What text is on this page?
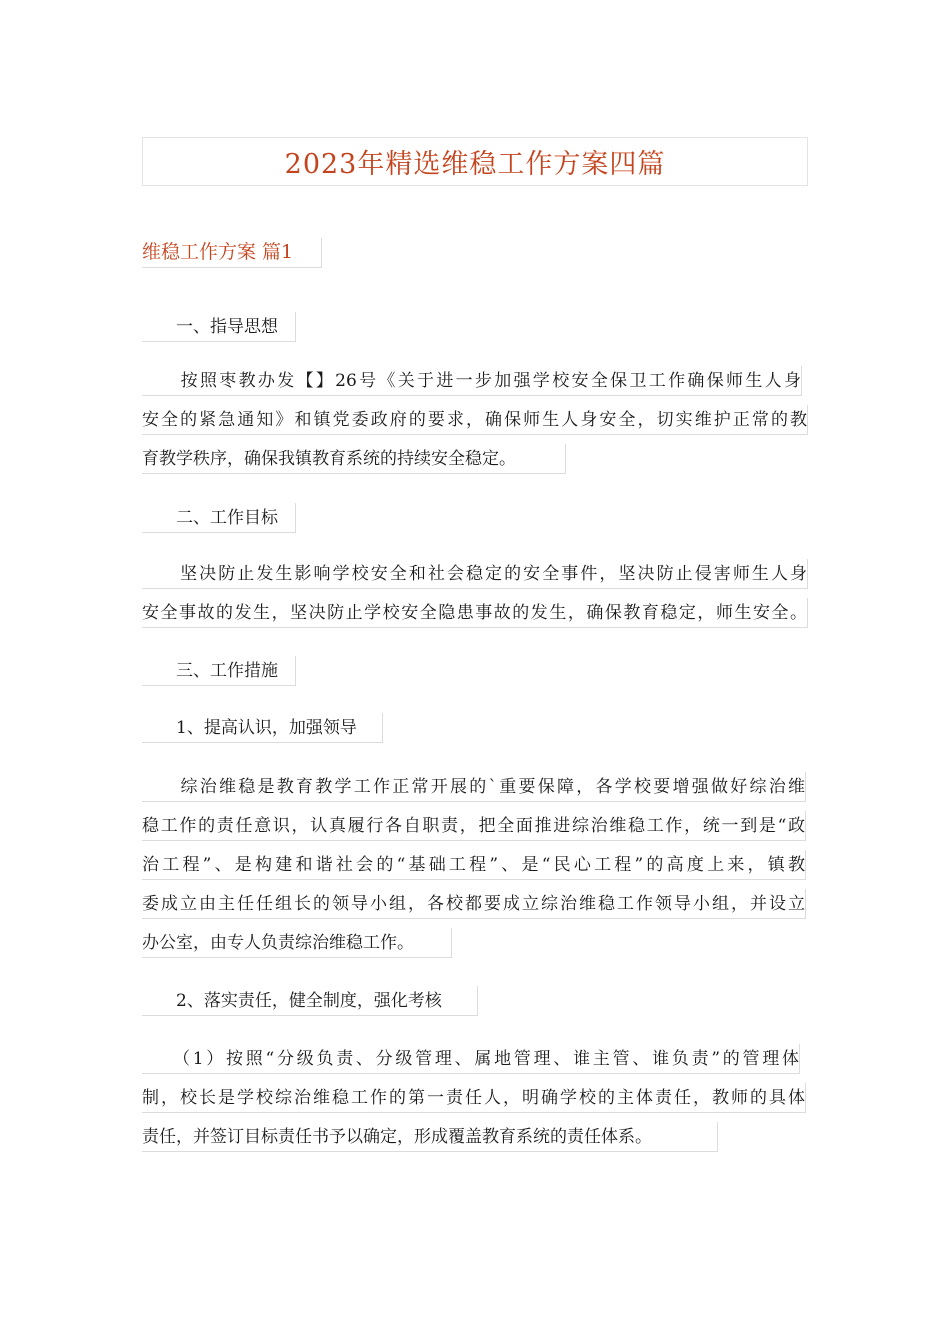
2023年精选维稳工作方案四篇
维稳工作方案 篇1
　　一、指导思想
　　按照枣教办发【】26号《关于进一步加强学校安全保卫工作确保师生人身
安全的紧急通知》和镇党委政府的要求，确保师生人身安全，切实维护正常的教
育教学秩序，确保我镇教育系统的持续安全稳定。
　　二、工作目标
　　坚决防止发生影响学校安全和社会稳定的安全事件，坚决防止侵害师生人身
安全事故的发生，坚决防止学校安全隐患事故的发生，确保教育稳定，师生安全。
　　三、工作措施
　　1、提高认识，加强领导
　　综治维稳是教育教学工作正常开展的`重要保障，各学校要增强做好综治维
稳工作的责任意识，认真履行各自职责，把全面推进综治维稳工作，统一到是“政
治工程”、是构建和谐社会的“基础工程”、是“民心工程”的高度上来，镇教
委成立由主任任组长的领导小组，各校都要成立综治维稳工作领导小组，并设立
办公室，由专人负责综治维稳工作。
　　2、落实责任，健全制度，强化考核
　　（1）按照“分级负责、分级管理、属地管理、谁主管、谁负责”的管理体
制，校长是学校综治维稳工作的第一责任人，明确学校的主体责任，教师的具体
责任，并签订目标责任书予以确定，形成覆盖教育系统的责任体系。
